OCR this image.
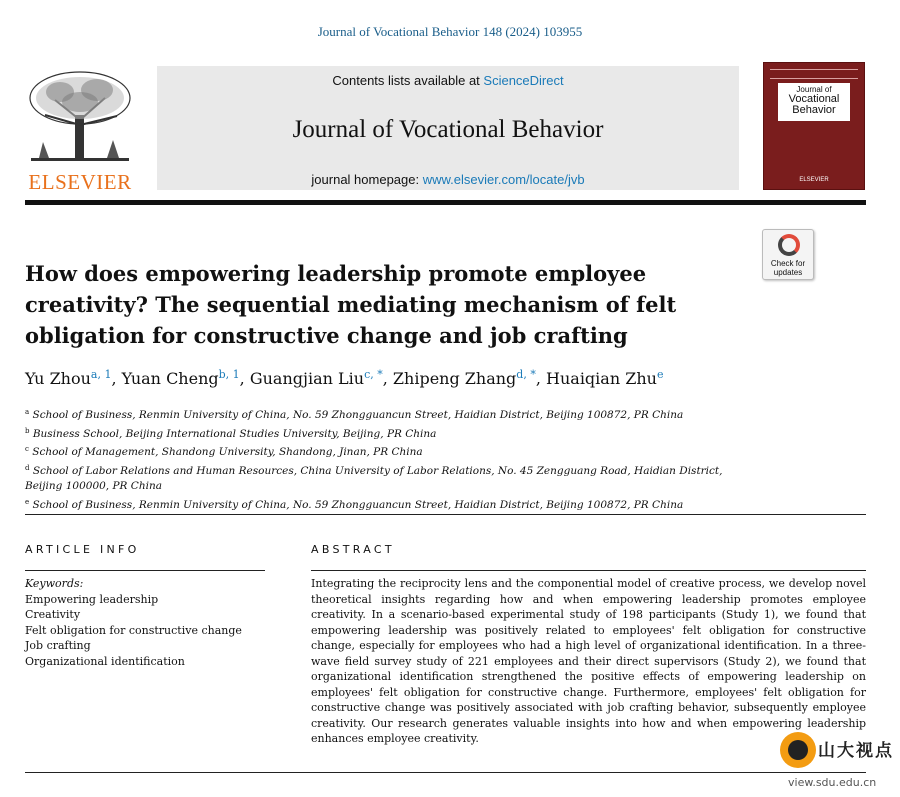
Journal of Vocational Behavior 148 (2024) 103955
ELSEVIER
Contents lists available at ScienceDirect
Journal of Vocational Behavior
journal homepage: www.elsevier.com/locate/jvb
Journal of
Vocational
Behavior
ELSEVIER
Check for
updates
How does empowering leadership promote employee creativity? The sequential mediating mechanism of felt obligation for constructive change and job crafting
Yu Zhou$^{a, 1}$, Yuan Cheng$^{b, 1}$, Guangjian Liu$^{c, *}$, Zhipeng Zhang$^{d, *}$, Huaiqian Zhu$^e$
$^a$ School of Business, Renmin University of China, No. 59 Zhongguancun Street, Haidian District, Beijing 100872, PR China
$^b$ Business School, Beijing International Studies University, Beijing, PR China
$^c$ School of Management, Shandong University, Shandong, Jinan, PR China
$^d$ School of Labor Relations and Human Resources, China University of Labor Relations, No. 45 Zengguang Road, Haidian District, Beijing 100000, PR China
$^e$ School of Business, Renmin University of China, No. 59 Zhongguancun Street, Haidian District, Beijing 100872, PR China
ARTICLE INFO	ABSTRACT
Keywords:
Empowering leadership
Creativity
Felt obligation for constructive change
Job crafting
Organizational identification

Integrating the reciprocity lens and the componential model of creative process, we develop novel theoretical insights regarding how and when empowering leadership promotes employee creativity. In a scenario-based experimental study of 198 participants (Study 1), we found that empowering leadership was positively related to employees' felt obligation for constructive change, especially for employees who had a high level of organizational identification. In a three-wave field survey study of 221 employees and their direct supervisors (Study 2), we found that organizational identification strengthened the positive effects of empowering leadership on employees' felt obligation for constructive change. Furthermore, employees' felt obligation for constructive change was positively associated with job crafting behavior, subsequently employee creativity. Our research generates valuable insights into how and when empowering leadership enhances employee creativity.

山大视点
view.sdu.edu.cn
